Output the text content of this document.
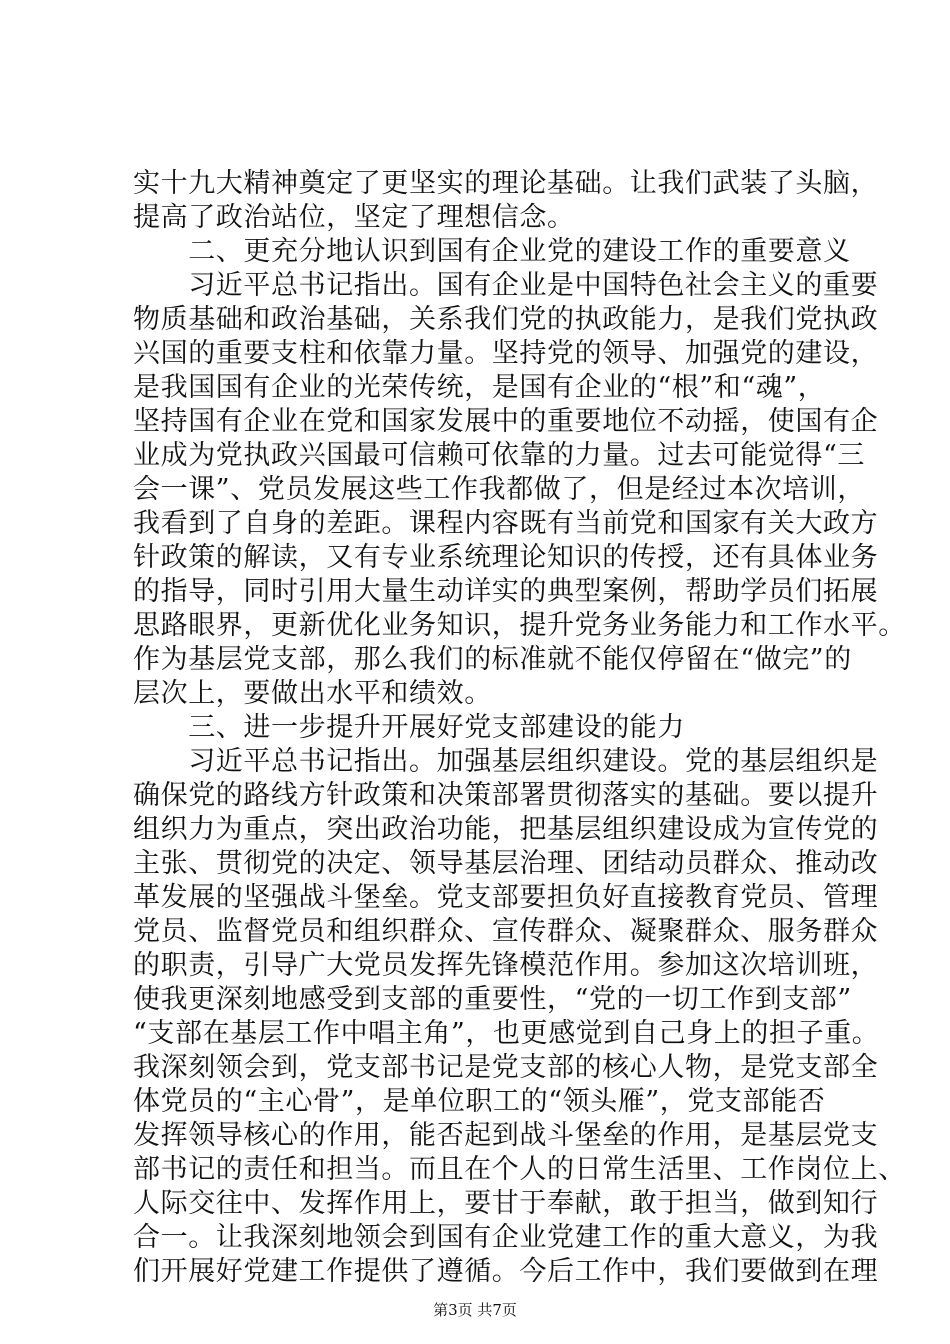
实十九大精神奠定了更坚实的理论基础。让我们武装了头脑，
提高了政治站位，坚定了理想信念。
　　二、更充分地认识到国有企业党的建设工作的重要意义
　　习近平总书记指出。国有企业是中国特色社会主义的重要
物质基础和政治基础，关系我们党的执政能力，是我们党执政
兴国的重要支柱和依靠力量。坚持党的领导、加强党的建设，
是我国国有企业的光荣传统，是国有企业的“根”和“魂”，
坚持国有企业在党和国家发展中的重要地位不动摇，使国有企
业成为党执政兴国最可信赖可依靠的力量。过去可能觉得“三
会一课”、党员发展这些工作我都做了，但是经过本次培训，
我看到了自身的差距。课程内容既有当前党和国家有关大政方
针政策的解读，又有专业系统理论知识的传授，还有具体业务
的指导，同时引用大量生动详实的典型案例，帮助学员们拓展
思路眼界，更新优化业务知识，提升党务业务能力和工作水平。
作为基层党支部，那么我们的标准就不能仅停留在“做完”的
层次上，要做出水平和绩效。
　　三、进一步提升开展好党支部建设的能力
　　习近平总书记指出。加强基层组织建设。党的基层组织是
确保党的路线方针政策和决策部署贯彻落实的基础。要以提升
组织力为重点，突出政治功能，把基层组织建设成为宣传党的
主张、贯彻党的决定、领导基层治理、团结动员群众、推动改
革发展的坚强战斗堡垒。党支部要担负好直接教育党员、管理
党员、监督党员和组织群众、宣传群众、凝聚群众、服务群众
的职责，引导广大党员发挥先锋模范作用。参加这次培训班，
使我更深刻地感受到支部的重要性，“党的一切工作到支部”
“支部在基层工作中唱主角”，也更感觉到自己身上的担子重。
我深刻领会到，党支部书记是党支部的核心人物，是党支部全
体党员的“主心骨”，是单位职工的“领头雁”，党支部能否
发挥领导核心的作用，能否起到战斗堡垒的作用，是基层党支
部书记的责任和担当。而且在个人的日常生活里、工作岗位上、
人际交往中、发挥作用上，要甘于奉献，敢于担当，做到知行
合一。让我深刻地领会到国有企业党建工作的重大意义，为我
们开展好党建工作提供了遵循。今后工作中，我们要做到在理
第3页 共7页
